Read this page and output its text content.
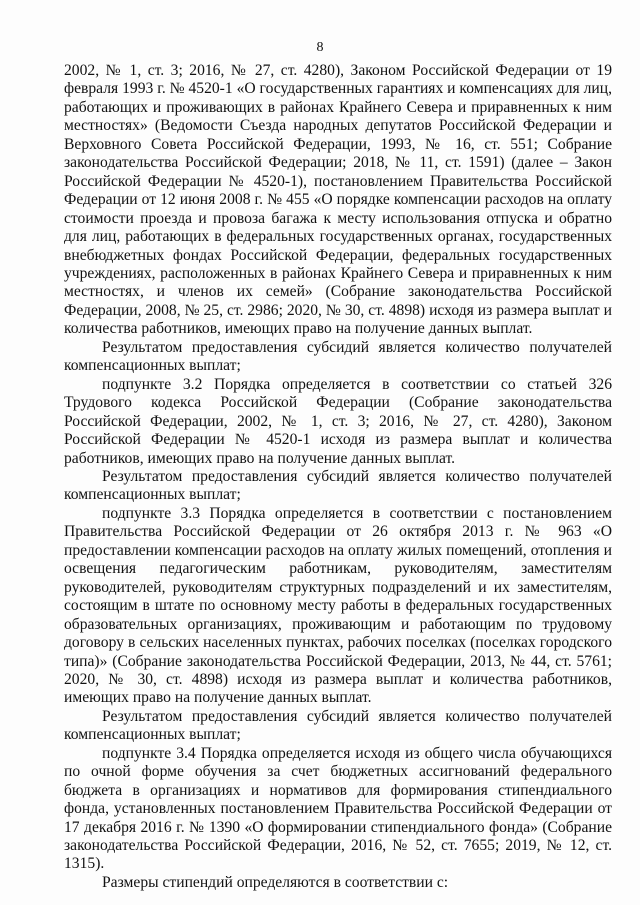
8

2002, № 1, ст. 3; 2016, № 27, ст. 4280), Законом Российской Федерации от 19 февраля 1993 г. № 4520-1 «О государственных гарантиях и компенсациях для лиц, работающих и проживающих в районах Крайнего Севера и приравненных к ним местностях» (Ведомости Съезда народных депутатов Российской Федерации и Верховного Совета Российской Федерации, 1993, № 16, ст. 551; Собрание законодательства Российской Федерации; 2018, № 11, ст. 1591) (далее – Закон Российской Федерации № 4520-1), постановлением Правительства Российской Федерации от 12 июня 2008 г. № 455 «О порядке компенсации расходов на оплату стоимости проезда и провоза багажа к месту использования отпуска и обратно для лиц, работающих в федеральных государственных органах, государственных внебюджетных фондах Российской Федерации, федеральных государственных учреждениях, расположенных в районах Крайнего Севера и приравненных к ним местностях, и членов их семей» (Собрание законодательства Российской Федерации, 2008, № 25, ст. 2986; 2020, № 30, ст. 4898) исходя из размера выплат и количества работников, имеющих право на получение данных выплат.

Результатом предоставления субсидий является количество получателей компенсационных выплат;

подпункте 3.2 Порядка определяется в соответствии со статьей 326 Трудового кодекса Российской Федерации (Собрание законодательства Российской Федерации, 2002, № 1, ст. 3; 2016, № 27, ст. 4280), Законом Российской Федерации № 4520-1 исходя из размера выплат и количества работников, имеющих право на получение данных выплат.

Результатом предоставления субсидий является количество получателей компенсационных выплат;

подпункте 3.3 Порядка определяется в соответствии с постановлением Правительства Российской Федерации от 26 октября 2013 г. № 963 «О предоставлении компенсации расходов на оплату жилых помещений, отопления и освещения педагогическим работникам, руководителям, заместителям руководителей, руководителям структурных подразделений и их заместителям, состоящим в штате по основному месту работы в федеральных государственных образовательных организациях, проживающим и работающим по трудовому договору в сельских населенных пунктах, рабочих поселках (поселках городского типа)» (Собрание законодательства Российской Федерации, 2013, № 44, ст. 5761; 2020, № 30, ст. 4898) исходя из размера выплат и количества работников, имеющих право на получение данных выплат.

Результатом предоставления субсидий является количество получателей компенсационных выплат;

подпункте 3.4 Порядка определяется исходя из общего числа обучающихся по очной форме обучения за счет бюджетных ассигнований федерального бюджета в организациях и нормативов для формирования стипендиального фонда, установленных постановлением Правительства Российской Федерации от 17 декабря 2016 г. № 1390 «О формировании стипендиального фонда» (Собрание законодательства Российской Федерации, 2016, № 52, ст. 7655; 2019, № 12, ст. 1315).

Размеры стипендий определяются в соответствии с:
